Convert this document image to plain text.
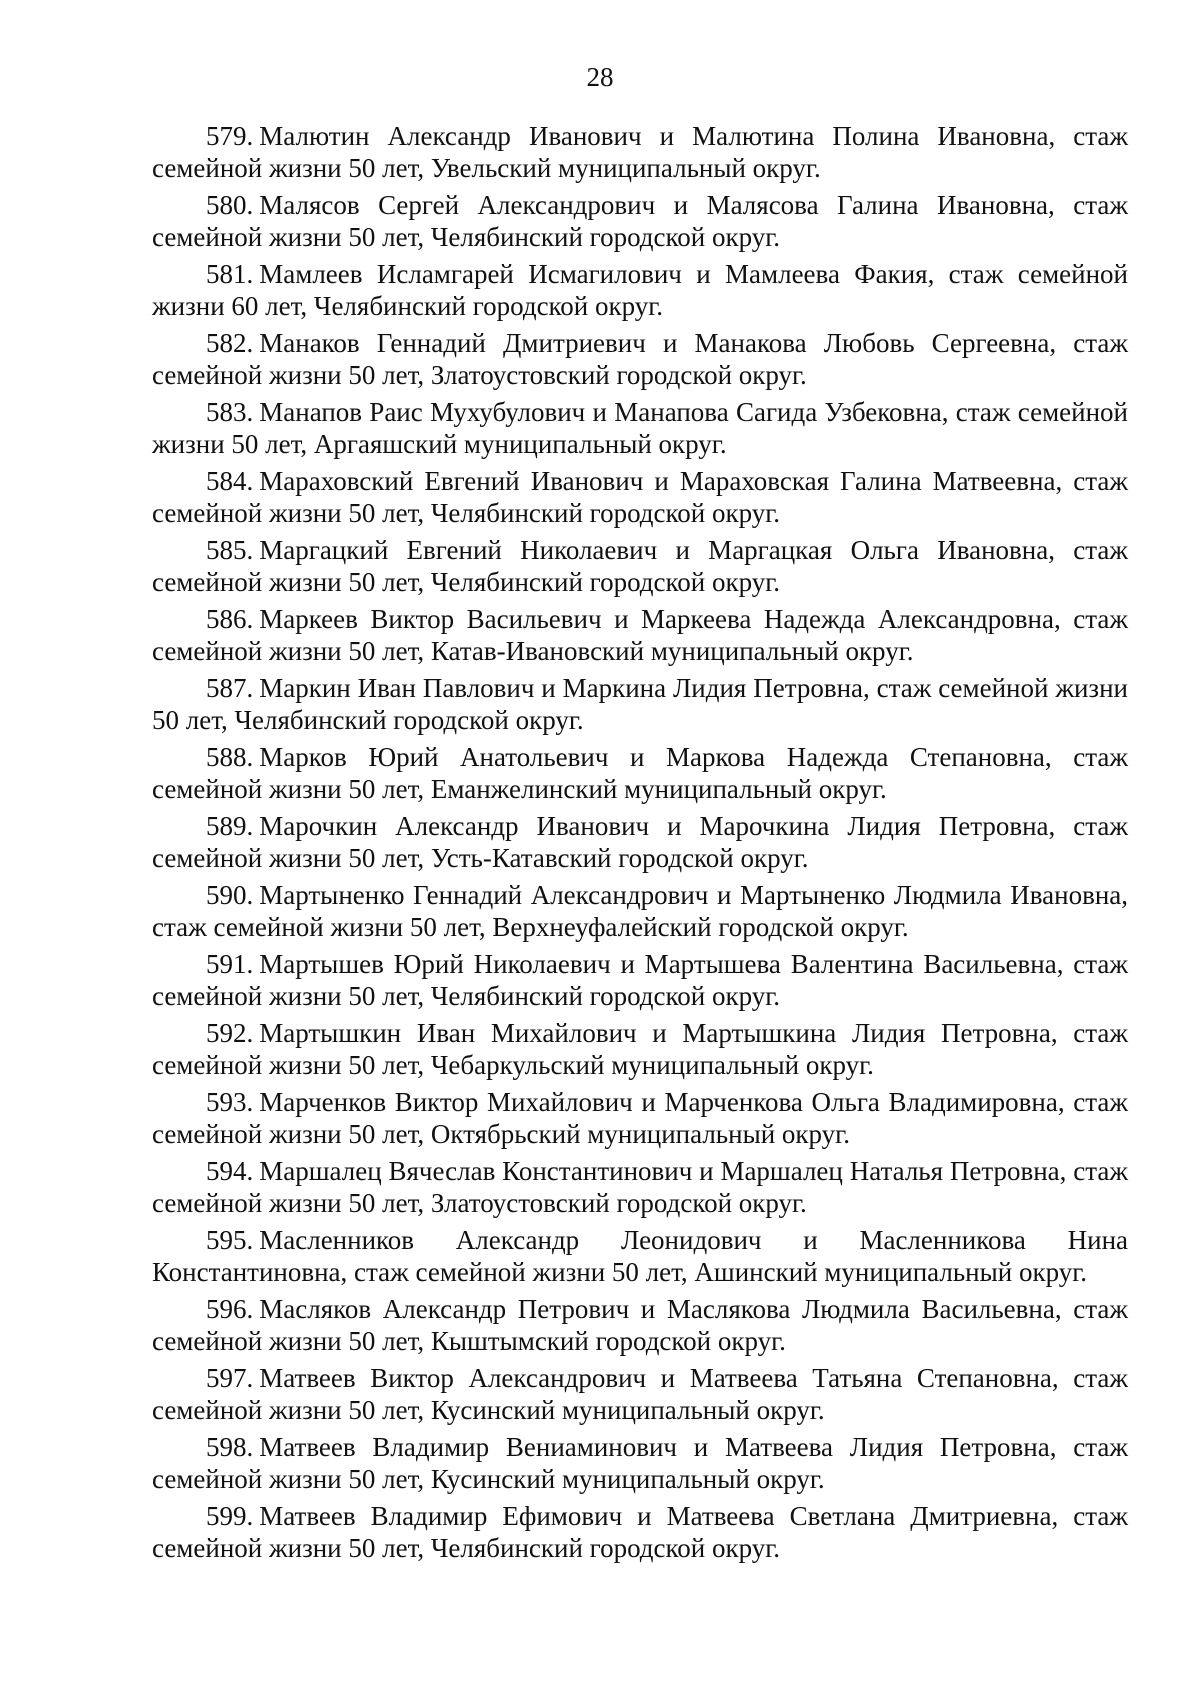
28

579. Малютин Александр Иванович и Малютина Полина Ивановна, стаж семейной жизни 50 лет, Увельский муниципальный округ.

580. Малясов Сергей Александрович и Малясова Галина Ивановна, стаж семейной жизни 50 лет, Челябинский городской округ.

581. Мамлеев Исламгарей Исмагилович и Мамлеева Факия, стаж семейной жизни 60 лет, Челябинский городской округ.

582. Манаков Геннадий Дмитриевич и Манакова Любовь Сергеевна, стаж семейной жизни 50 лет, Златоустовский городской округ.

583. Манапов Раис Мухубулович и Манапова Сагида Узбековна, стаж семейной жизни 50 лет, Аргаяшский муниципальный округ.

584. Мараховский Евгений Иванович и Мараховская Галина Матвеевна, стаж семейной жизни 50 лет, Челябинский городской округ.

585. Маргацкий Евгений Николаевич и Маргацкая Ольга Ивановна, стаж семейной жизни 50 лет, Челябинский городской округ.

586. Маркеев Виктор Васильевич и Маркеева Надежда Александровна, стаж семейной жизни 50 лет, Катав-Ивановский муниципальный округ.

587. Маркин Иван Павлович и Маркина Лидия Петровна, стаж семейной жизни 50 лет, Челябинский городской округ.

588. Марков Юрий Анатольевич и Маркова Надежда Степановна, стаж семейной жизни 50 лет, Еманжелинский муниципальный округ.

589. Марочкин Александр Иванович и Марочкина Лидия Петровна, стаж семейной жизни 50 лет, Усть-Катавский городской округ.

590. Мартыненко Геннадий Александрович и Мартыненко Людмила Ивановна, стаж семейной жизни 50 лет, Верхнеуфалейский городской округ.

591. Мартышев Юрий Николаевич и Мартышева Валентина Васильевна, стаж семейной жизни 50 лет, Челябинский городской округ.

592. Мартышкин Иван Михайлович и Мартышкина Лидия Петровна, стаж семейной жизни 50 лет, Чебаркульский муниципальный округ.

593. Марченков Виктор Михайлович и Марченкова Ольга Владимировна, стаж семейной жизни 50 лет, Октябрьский муниципальный округ.

594. Маршалец Вячеслав Константинович и Маршалец Наталья Петровна, стаж семейной жизни 50 лет, Златоустовский городской округ.

595. Масленников Александр Леонидович и Масленникова Нина Константиновна, стаж семейной жизни 50 лет, Ашинский муниципальный округ.

596. Масляков Александр Петрович и Маслякова Людмила Васильевна, стаж семейной жизни 50 лет, Кыштымский городской округ.

597. Матвеев Виктор Александрович и Матвеева Татьяна Степановна, стаж семейной жизни 50 лет, Кусинский муниципальный округ.

598. Матвеев Владимир Вениаминович и Матвеева Лидия Петровна, стаж семейной жизни 50 лет, Кусинский муниципальный округ.

599. Матвеев Владимир Ефимович и Матвеева Светлана Дмитриевна, стаж семейной жизни 50 лет, Челябинский городской округ.
